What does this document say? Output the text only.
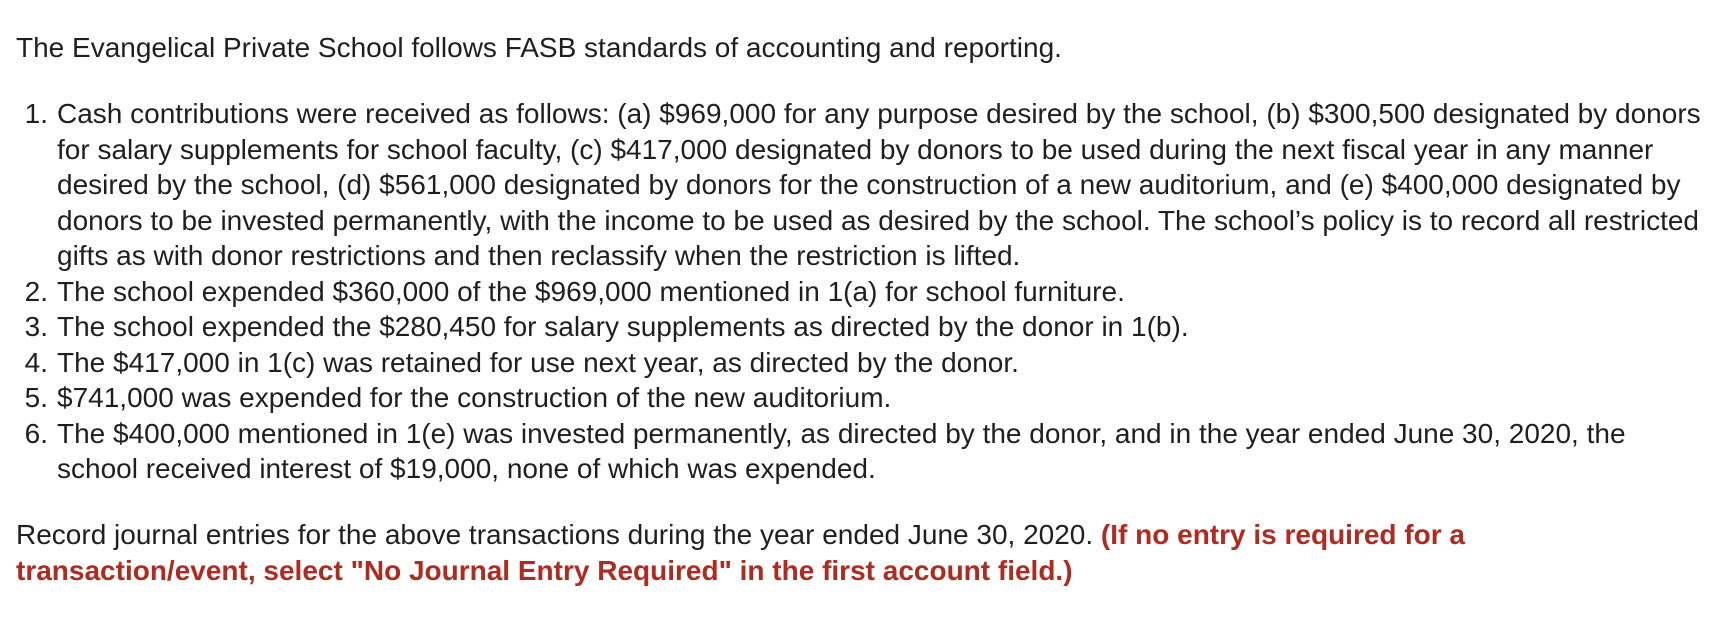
The Evangelical Private School follows FASB standards of accounting and reporting.

1. Cash contributions were received as follows: (a) $969,000 for any purpose desired by the school, (b) $300,500 designated by donors for salary supplements for school faculty, (c) $417,000 designated by donors to be used during the next fiscal year in any manner desired by the school, (d) $561,000 designated by donors for the construction of a new auditorium, and (e) $400,000 designated by donors to be invested permanently, with the income to be used as desired by the school. The school’s policy is to record all restricted gifts as with donor restrictions and then reclassify when the restriction is lifted.
2. The school expended $360,000 of the $969,000 mentioned in 1(a) for school furniture.
3. The school expended the $280,450 for salary supplements as directed by the donor in 1(b).
4. The $417,000 in 1(c) was retained for use next year, as directed by the donor.
5. $741,000 was expended for the construction of the new auditorium.
6. The $400,000 mentioned in 1(e) was invested permanently, as directed by the donor, and in the year ended June 30, 2020, the school received interest of $19,000, none of which was expended.

Record journal entries for the above transactions during the year ended June 30, 2020. (If no entry is required for a transaction/event, select "No Journal Entry Required" in the first account field.)
